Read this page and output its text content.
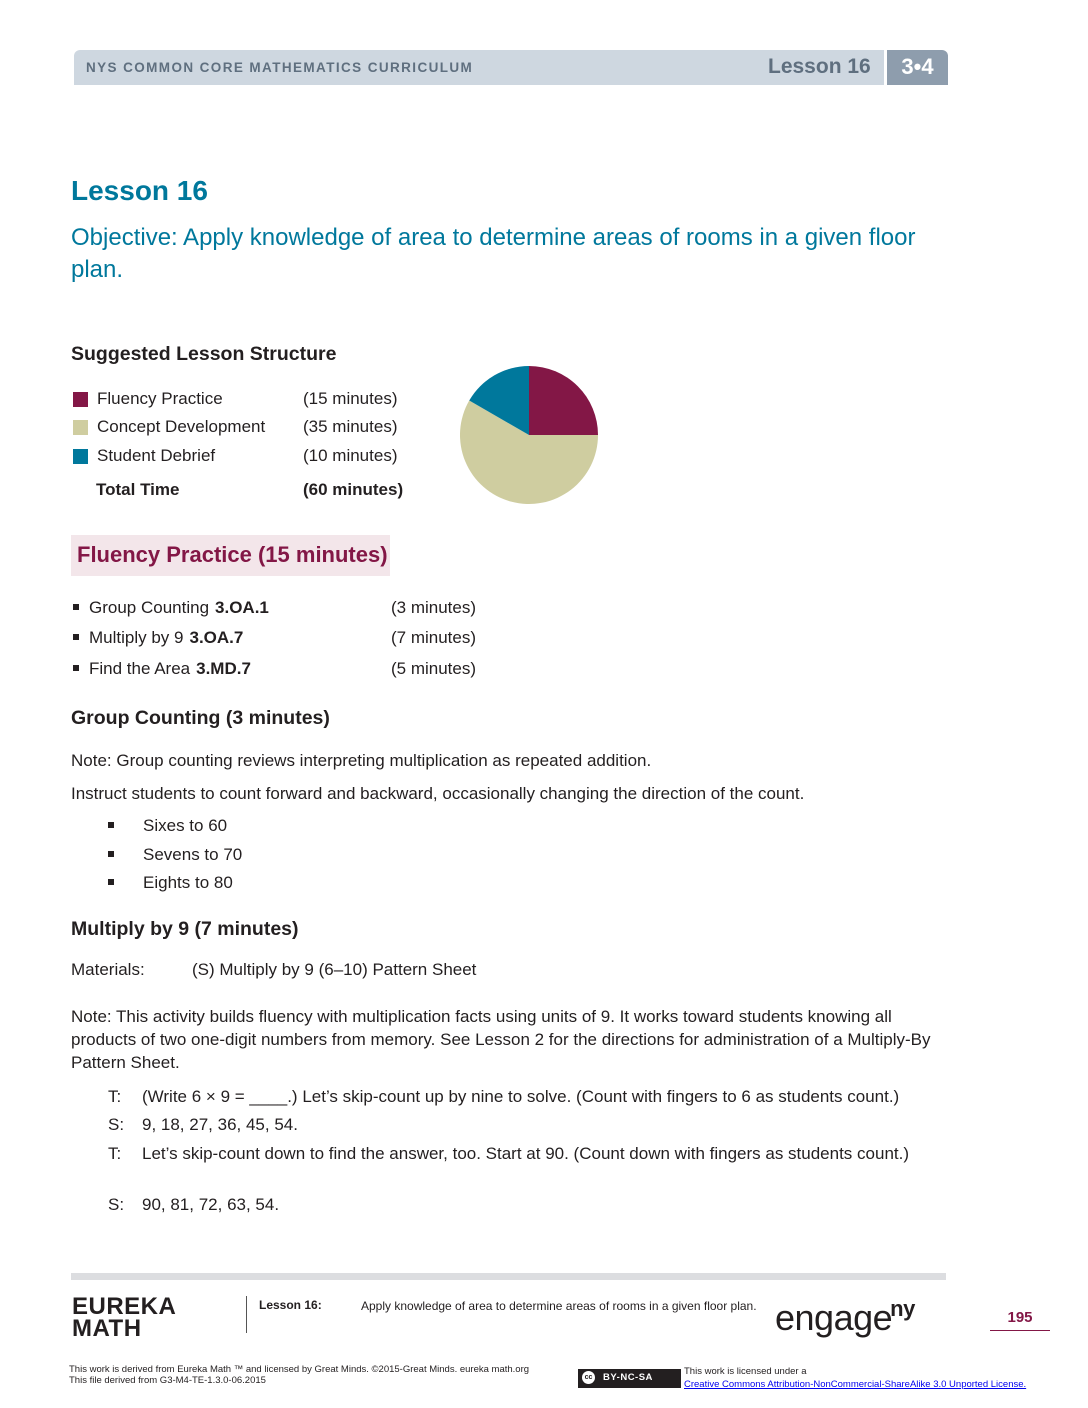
NYS COMMON CORE MATHEMATICS CURRICULUM	Lesson 16	3•4
Lesson 16
Objective: Apply knowledge of area to determine areas of rooms in a given floor plan.
Suggested Lesson Structure
Fluency Practice	(15 minutes)
Concept Development (35 minutes)
Student Debrief	(10 minutes)
Total Time	(60 minutes)
Fluency Practice (15 minutes)
Group Counting 3.OA.1	(3 minutes)
Multiply by 9 3.OA.7	(7 minutes)
Find the Area 3.MD.7	(5 minutes)
Group Counting (3 minutes)
Note: Group counting reviews interpreting multiplication as repeated addition.
Instruct students to count forward and backward, occasionally changing the direction of the count.
Sixes to 60
Sevens to 70
Eights to 80
Multiply by 9 (7 minutes)
Materials:	(S) Multiply by 9 (6–10) Pattern Sheet
Note: This activity builds fluency with multiplication facts using units of 9. It works toward students knowing all products of two one-digit numbers from memory. See Lesson 2 for the directions for administration of a Multiply-By Pattern Sheet.
T: (Write 6 × 9 = ____.) Let’s skip-count up by nine to solve. (Count with fingers to 6 as students count.)
S: 9, 18, 27, 36, 45, 54.
T: Let’s skip-count down to find the answer, too. Start at 90. (Count down with fingers as students count.)
S: 90, 81, 72, 63, 54.
EUREKA
MATH
Lesson 16:	Apply knowledge of area to determine areas of rooms in a given floor plan. engage$^{ny}$	195
This work is derived from Eureka Math ™ and licensed by Great Minds. ©2015-Great Minds. eureka math.org
This file derived from G3-M4-TE-1.3.0-06.2015	cc BY-NC-SA
This work is licensed under a
Creative Commons Attribution-NonCommercial-ShareAlike 3.0 Unported License.
